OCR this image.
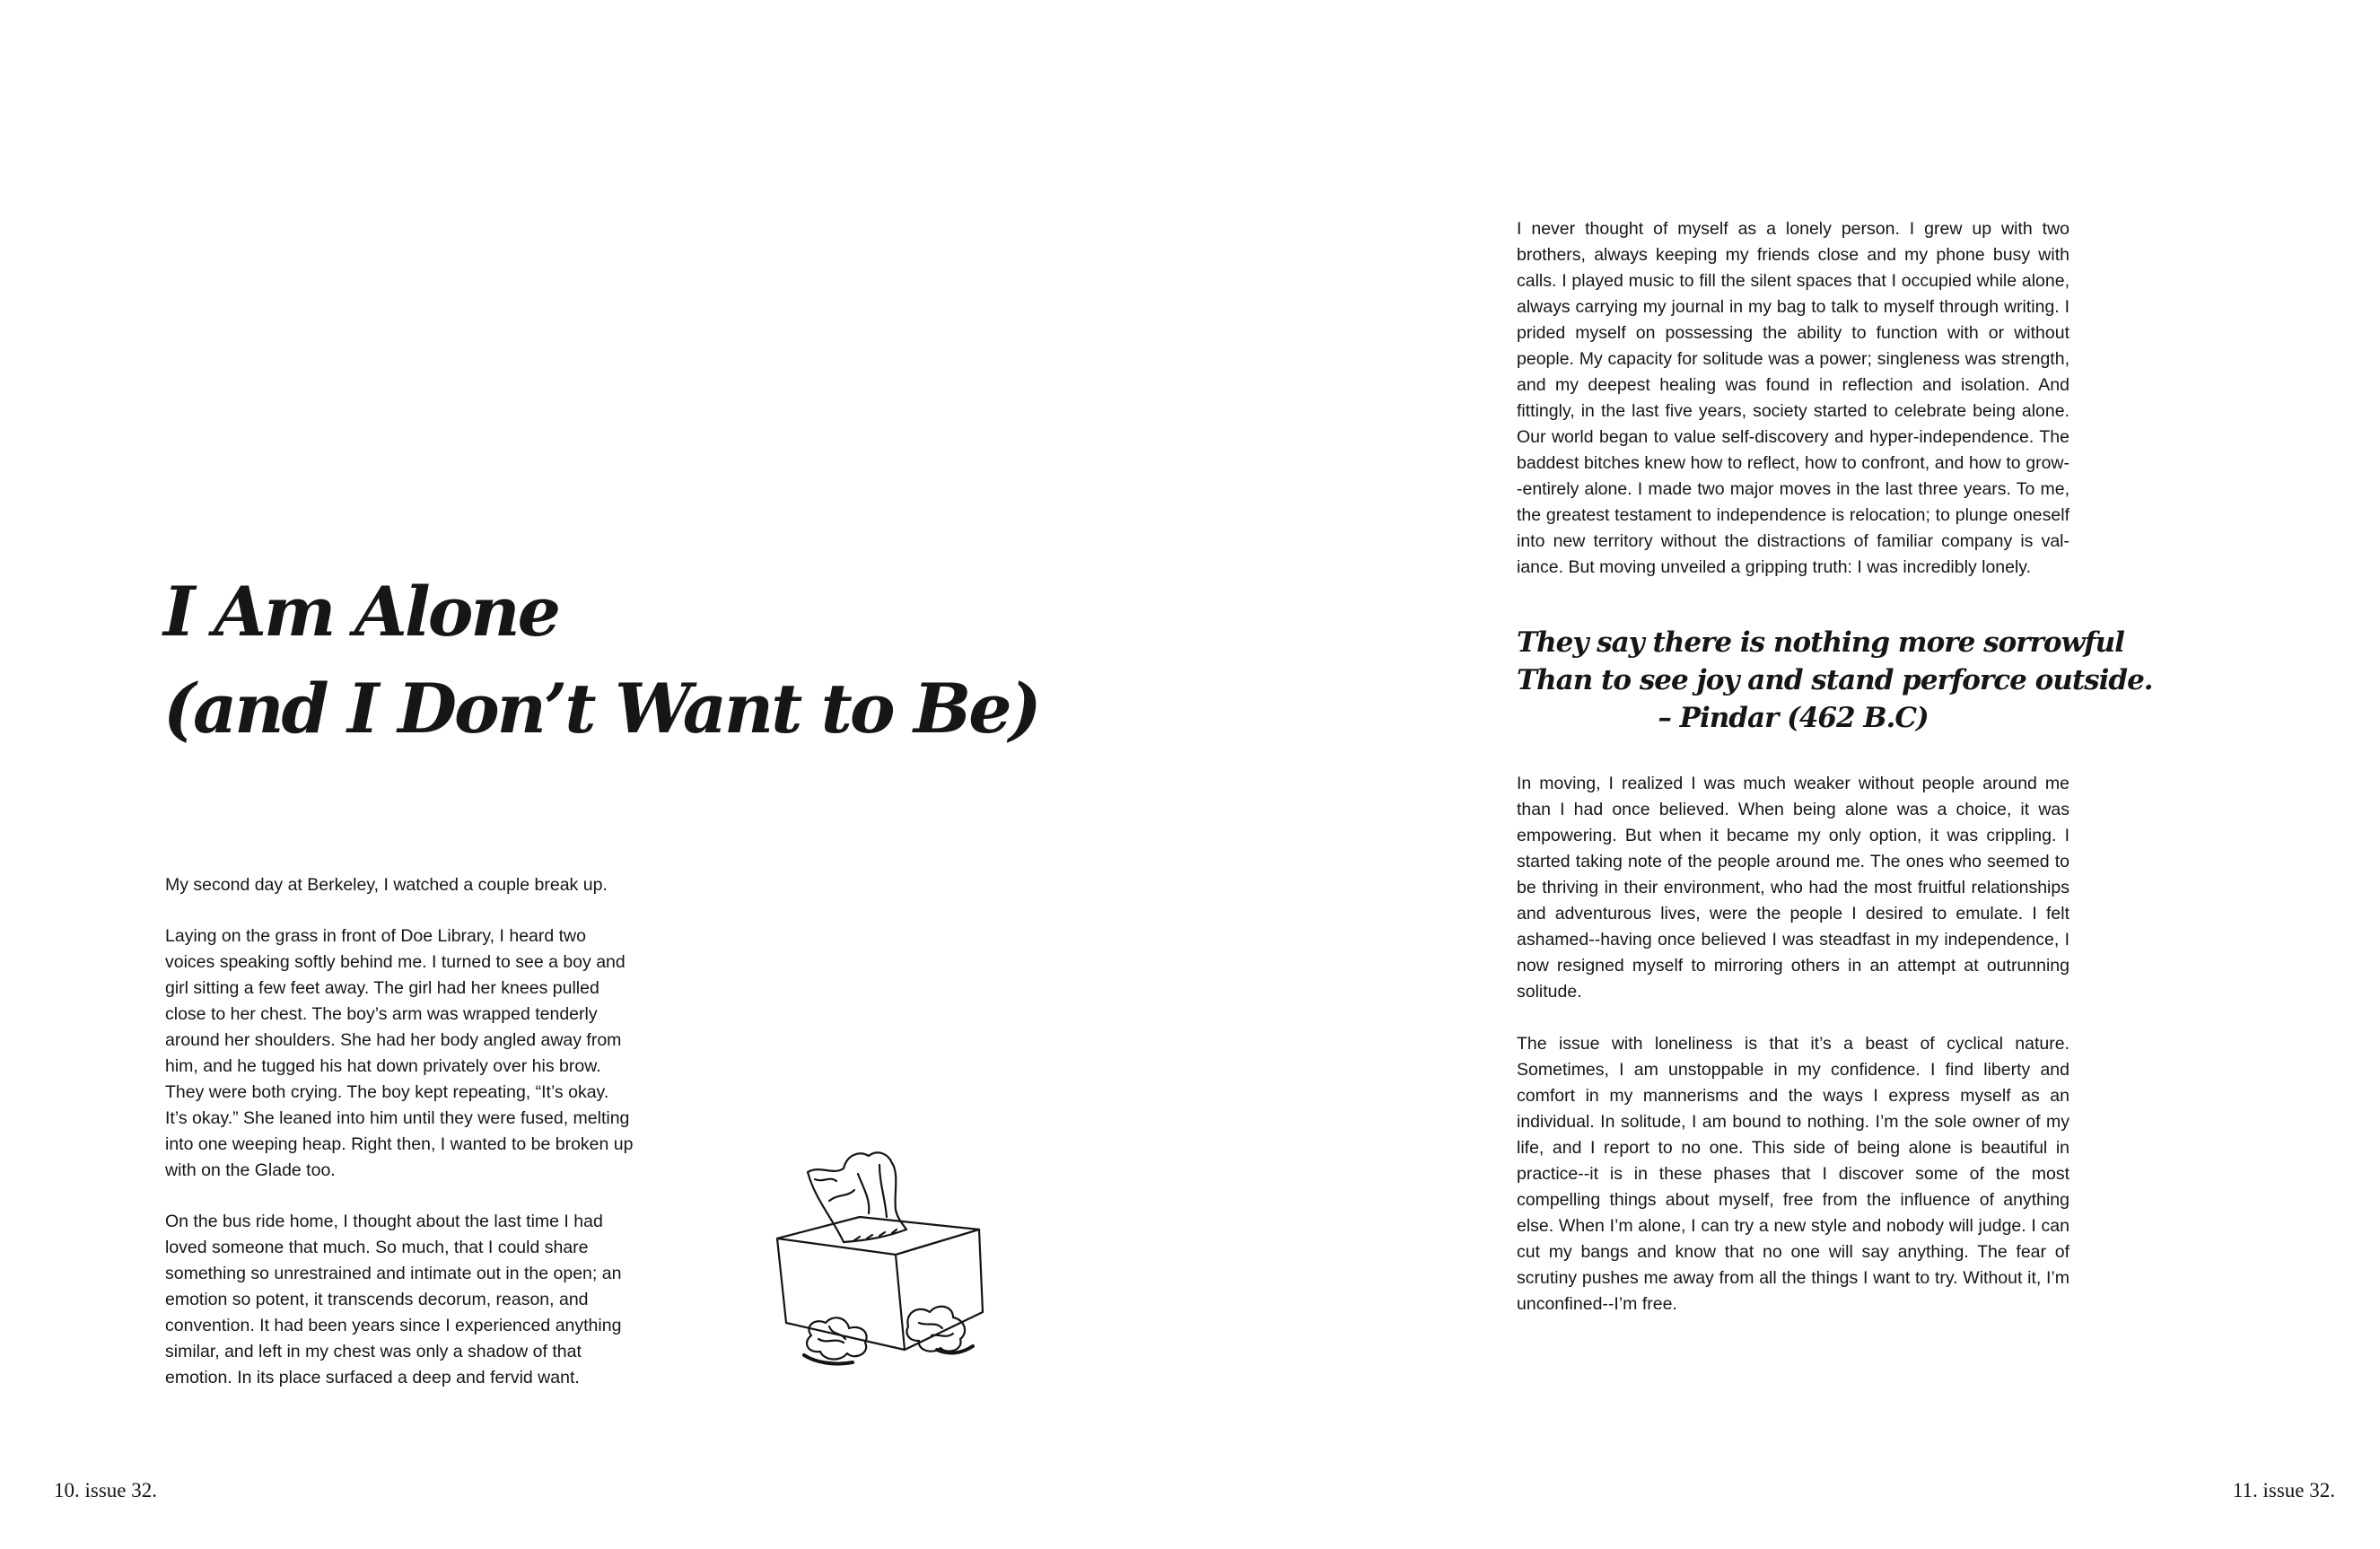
I Am Alone
(and I Don’t Want to Be)

My second day at Berkeley, I watched a couple break up.

Laying on the grass in front of Doe Library, I heard two voices speaking softly behind me. I turned to see a boy and girl sitting a few feet away. The girl had her knees pulled close to her chest. The boy’s arm was wrapped tenderly around her shoulders. She had her body angled away from him, and he tugged his hat down privately over his brow. They were both crying. The boy kept repeating, “It’s okay. It’s okay.” She leaned into him until they were fused, melting into one weeping heap. Right then, I wanted to be broken up with on the Glade too.

On the bus ride home, I thought about the last time I had loved someone that much. So much, that I could share something so unrestrained and intimate out in the open; an emotion so potent, it transcends decorum, reason, and convention. It had been years since I experienced anything similar, and left in my chest was only a shadow of that emotion. In its place surfaced a deep and fervid want.

I never thought of myself as a lonely person. I grew up with two brothers, always keeping my friends close and my phone busy with calls. I played music to fill the silent spaces that I occupied while alone, always carrying my journal in my bag to talk to myself through writing. I prided myself on possessing the ability to function with or without people. My capacity for solitude was a power; singleness was strength, and my deepest healing was found in reflection and isolation. And fittingly, in the last five years, society started to celebrate being alone. Our world began to value self-discovery and hyper-independence. The baddest bitches knew how to reflect, how to confront, and how to grow--entirely alone. I made two major moves in the last three years. To me, the greatest testament to independence is relocation; to plunge oneself into new territory without the distractions of familiar company is valiance. But moving unveiled a gripping truth: I was incredibly lonely.

They say there is nothing more sorrowful
Than to see joy and stand perforce outside.
– Pindar (462 B.C)

In moving, I realized I was much weaker without people around me than I had once believed. When being alone was a choice, it was empowering. But when it became my only option, it was crippling. I started taking note of the people around me. The ones who seemed to be thriving in their environment, who had the most fruitful relationships and adventurous lives, were the people I desired to emulate. I felt ashamed--having once believed I was steadfast in my independence, I now resigned myself to mirroring others in an attempt at outrunning solitude.

The issue with loneliness is that it’s a beast of cyclical nature. Sometimes, I am unstoppable in my confidence. I find liberty and comfort in my mannerisms and the ways I express myself as an individual. In solitude, I am bound to nothing. I’m the sole owner of my life, and I report to no one. This side of being alone is beautiful in practice--it is in these phases that I discover some of the most compelling things about myself, free from the influence of anything else. When I’m alone, I can try a new style and nobody will judge. I can cut my bangs and know that no one will say anything. The fear of scrutiny pushes me away from all the things I want to try. Without it, I’m unconfined--I’m free.

10. issue 32.	11. issue 32.
